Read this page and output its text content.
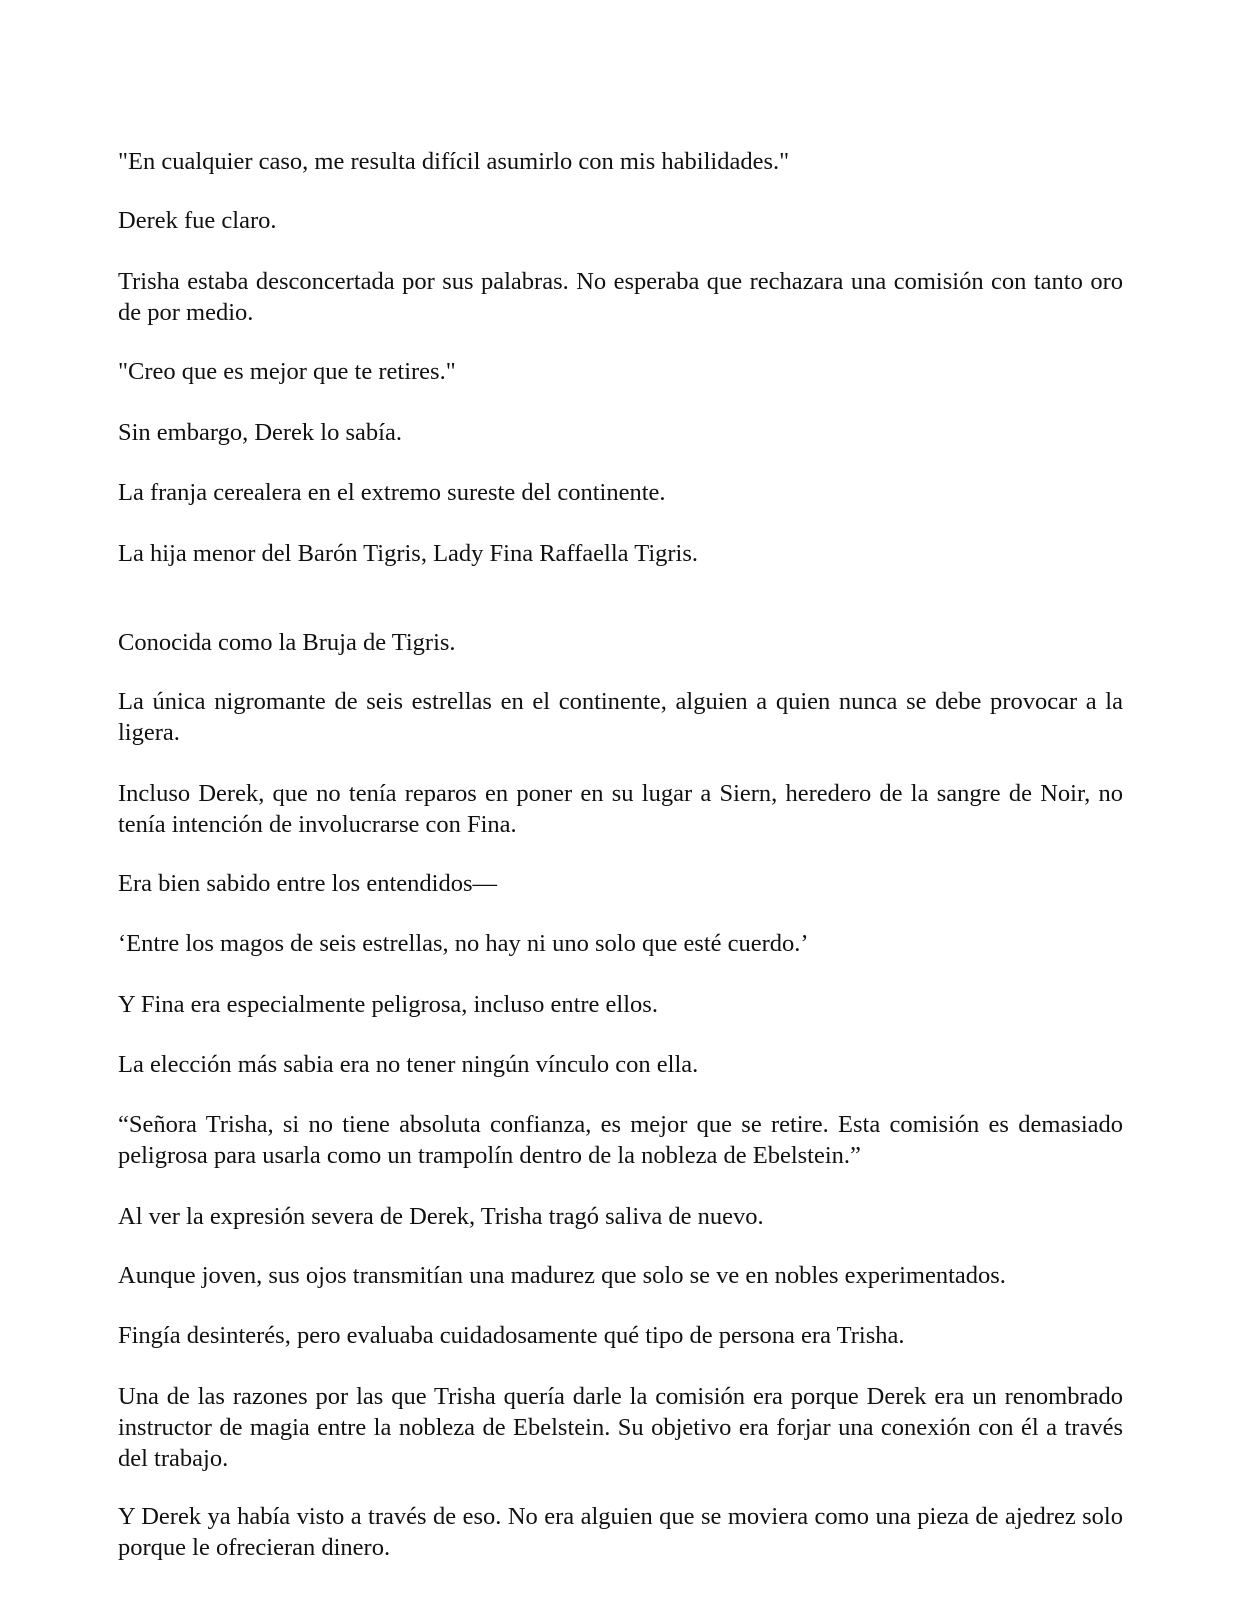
"En cualquier caso, me resulta difícil asumirlo con mis habilidades."

Derek fue claro.

Trisha estaba desconcertada por sus palabras. No esperaba que rechazara una comisión con tanto oro de por medio.

"Creo que es mejor que te retires."

Sin embargo, Derek lo sabía.

La franja cerealera en el extremo sureste del continente.

La hija menor del Barón Tigris, Lady Fina Raffaella Tigris.

Conocida como la Bruja de Tigris.

La única nigromante de seis estrellas en el continente, alguien a quien nunca se debe provocar a la ligera.

Incluso Derek, que no tenía reparos en poner en su lugar a Siern, heredero de la sangre de Noir, no tenía intención de involucrarse con Fina.

Era bien sabido entre los entendidos—

‘Entre los magos de seis estrellas, no hay ni uno solo que esté cuerdo.’

Y Fina era especialmente peligrosa, incluso entre ellos.

La elección más sabia era no tener ningún vínculo con ella.

“Señora Trisha, si no tiene absoluta confianza, es mejor que se retire. Esta comisión es demasiado peligrosa para usarla como un trampolín dentro de la nobleza de Ebelstein.”

Al ver la expresión severa de Derek, Trisha tragó saliva de nuevo.

Aunque joven, sus ojos transmitían una madurez que solo se ve en nobles experimentados.

Fingía desinterés, pero evaluaba cuidadosamente qué tipo de persona era Trisha.

Una de las razones por las que Trisha quería darle la comisión era porque Derek era un renombrado instructor de magia entre la nobleza de Ebelstein. Su objetivo era forjar una conexión con él a través del trabajo.

Y Derek ya había visto a través de eso. No era alguien que se moviera como una pieza de ajedrez solo porque le ofrecieran dinero.
